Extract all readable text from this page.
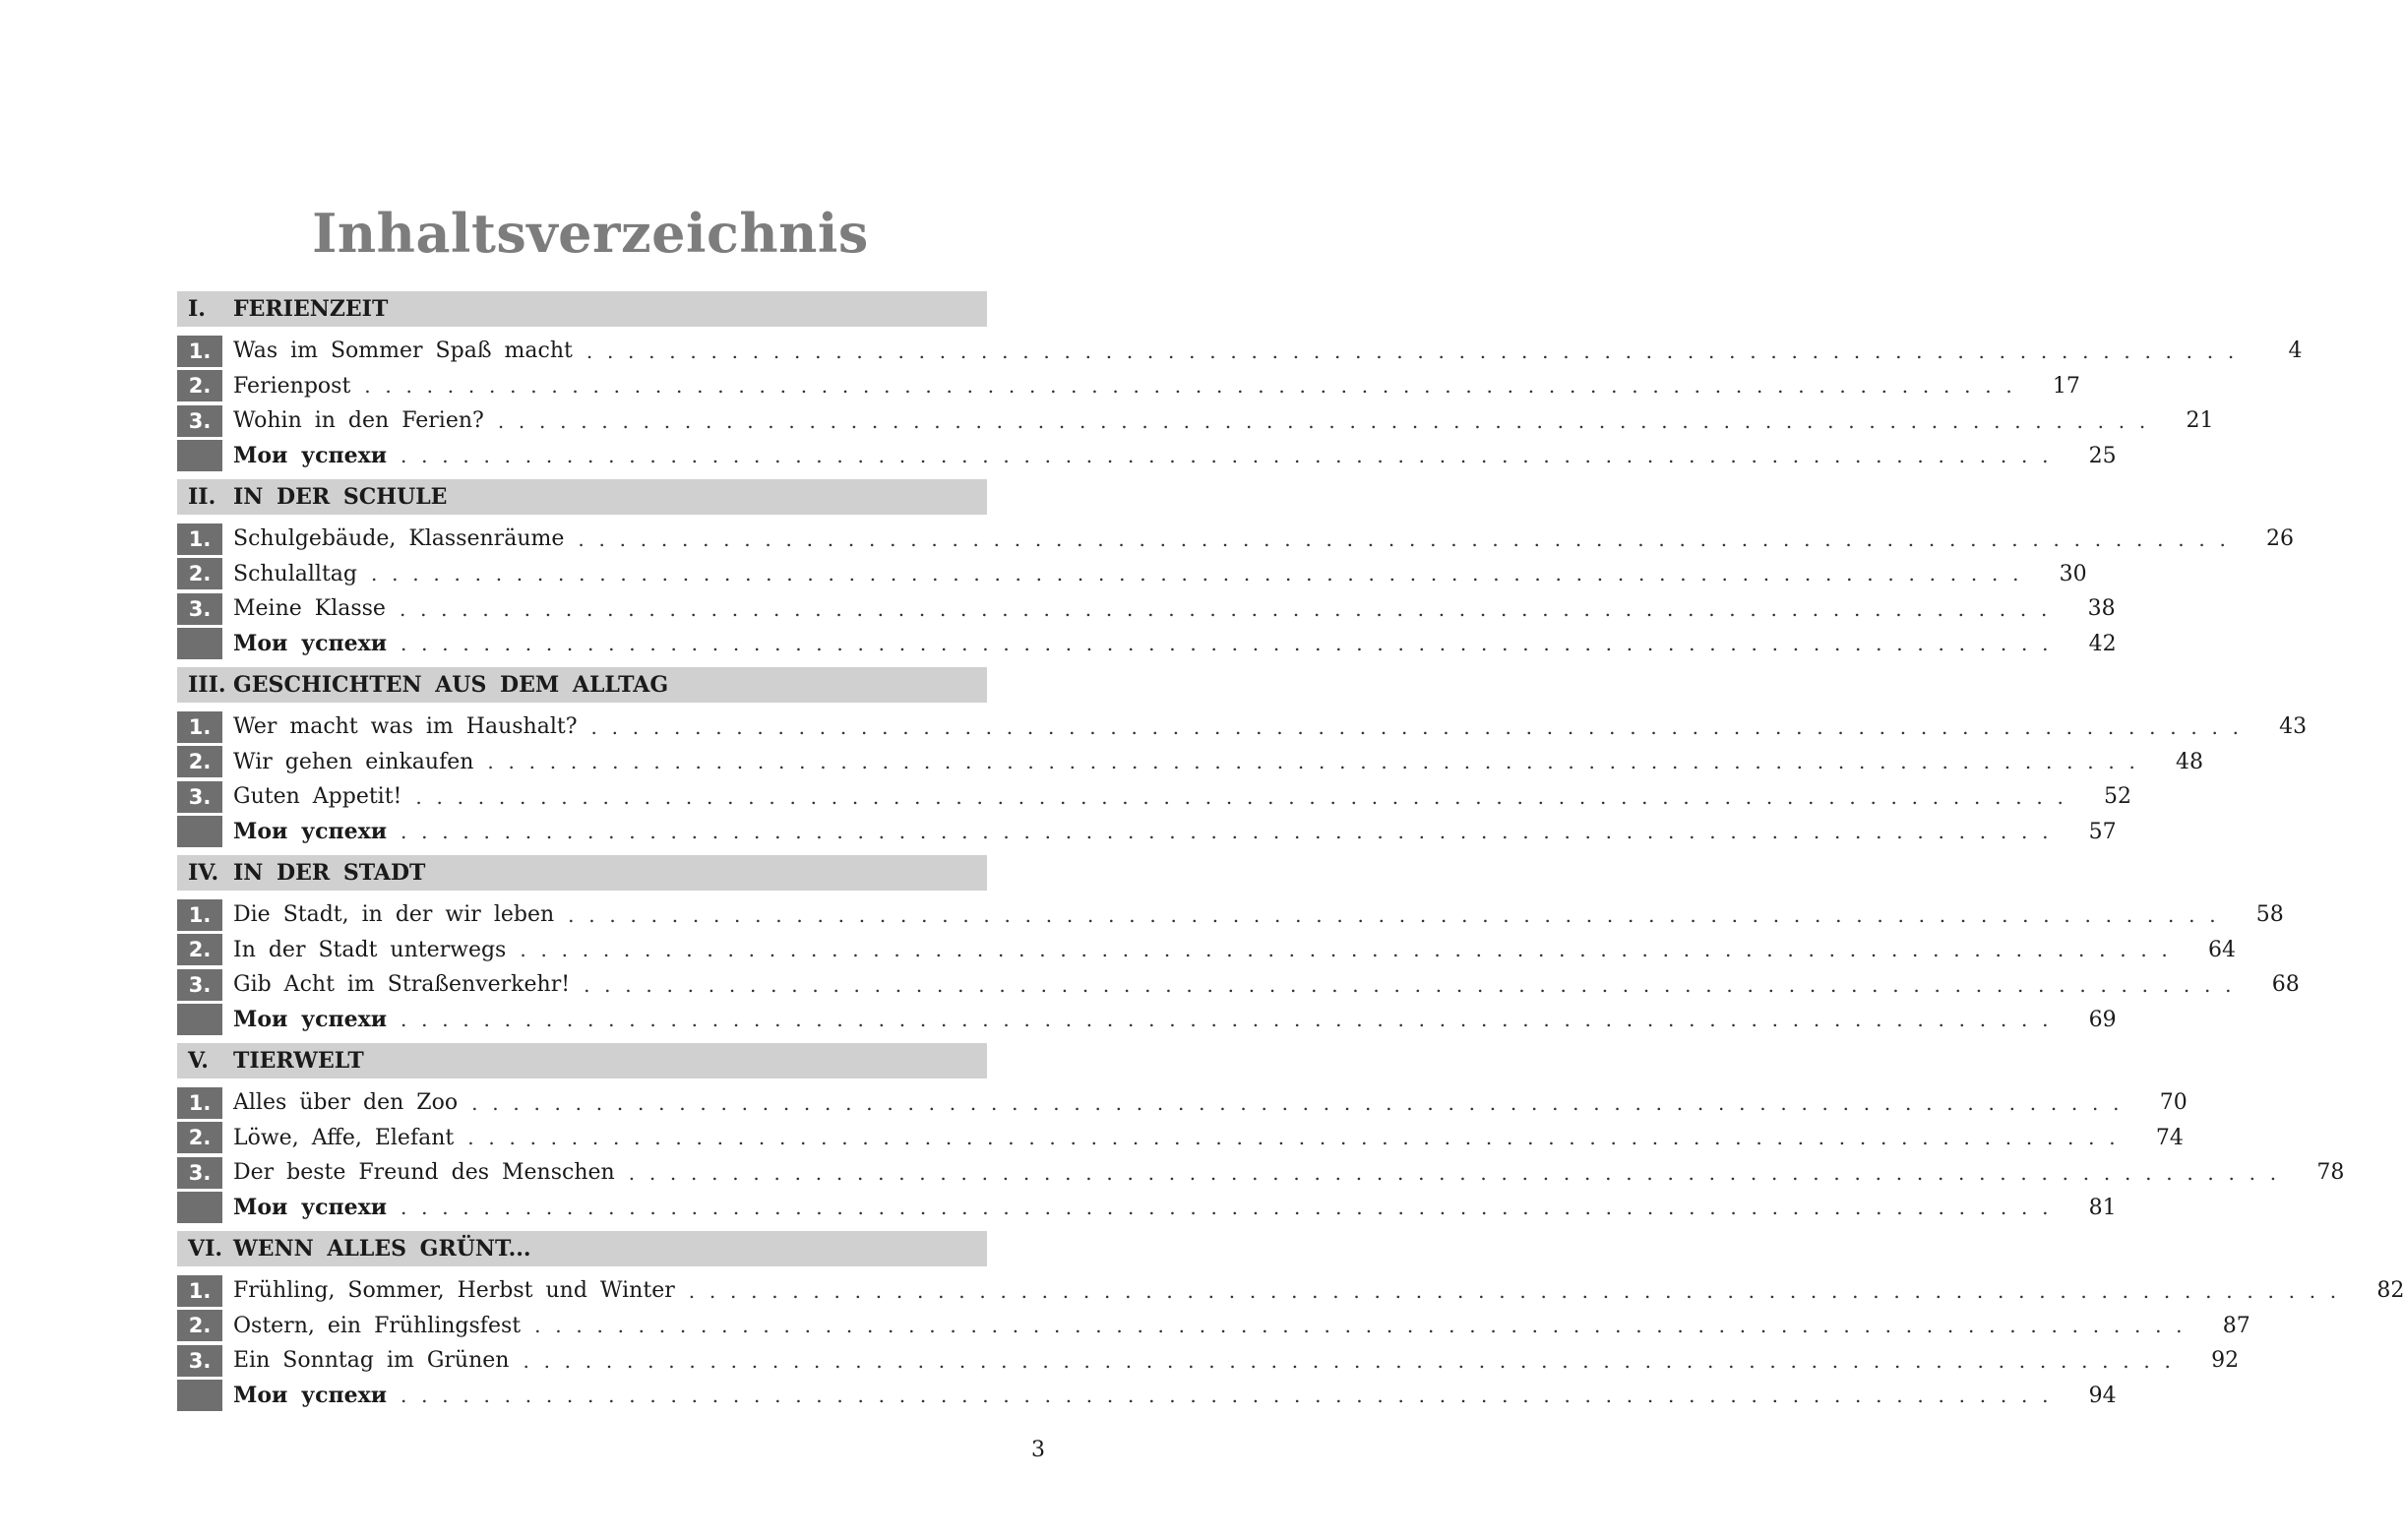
Inhaltsverzeichnis
I.	FERIENZEIT
1.	Was im Sommer Spaß macht . . . . . . . . . . . . . . . . . . . . . . . . . . . . . . . . . . . . . . . . . . . . . . . . . . . . . . . . . . . . . . . . . . . . . . . . . . . . . . . .	4
2.	Ferienpost . . . . . . . . . . . . . . . . . . . . . . . . . . . . . . . . . . . . . . . . . . . . . . . . . . . . . . . . . . . . . . . . . . . . . . . . . . . . . . . .	17
3.	Wohin in den Ferien? . . . . . . . . . . . . . . . . . . . . . . . . . . . . . . . . . . . . . . . . . . . . . . . . . . . . . . . . . . . . . . . . . . . . . . . . . . . . . . . .	21
Мои успехи . . . . . . . . . . . . . . . . . . . . . . . . . . . . . . . . . . . . . . . . . . . . . . . . . . . . . . . . . . . . . . . . . . . . . . . . . . . . . . . .	25
II. IN DER SCHULE
1.	Schulgebäude, Klassenräume . . . . . . . . . . . . . . . . . . . . . . . . . . . . . . . . . . . . . . . . . . . . . . . . . . . . . . . . . . . . . . . . . . . . . . . . . . . . . . . .	26
2.	Schulalltag . . . . . . . . . . . . . . . . . . . . . . . . . . . . . . . . . . . . . . . . . . . . . . . . . . . . . . . . . . . . . . . . . . . . . . . . . . . . . . . .	30
3.	Meine Klasse . . . . . . . . . . . . . . . . . . . . . . . . . . . . . . . . . . . . . . . . . . . . . . . . . . . . . . . . . . . . . . . . . . . . . . . . . . . . . . . .	38
Мои успехи . . . . . . . . . . . . . . . . . . . . . . . . . . . . . . . . . . . . . . . . . . . . . . . . . . . . . . . . . . . . . . . . . . . . . . . . . . . . . . . .	42
III. GESCHICHTEN AUS DEM ALLTAG
1.	Wer macht was im Haushalt? . . . . . . . . . . . . . . . . . . . . . . . . . . . . . . . . . . . . . . . . . . . . . . . . . . . . . . . . . . . . . . . . . . . . . . . . . . . . . . . .	43
2.	Wir gehen einkaufen . . . . . . . . . . . . . . . . . . . . . . . . . . . . . . . . . . . . . . . . . . . . . . . . . . . . . . . . . . . . . . . . . . . . . . . . . . . . . . . .	48
3.	Guten Appetit! . . . . . . . . . . . . . . . . . . . . . . . . . . . . . . . . . . . . . . . . . . . . . . . . . . . . . . . . . . . . . . . . . . . . . . . . . . . . . . . .	52
Мои успехи . . . . . . . . . . . . . . . . . . . . . . . . . . . . . . . . . . . . . . . . . . . . . . . . . . . . . . . . . . . . . . . . . . . . . . . . . . . . . . . .	57
IV. IN DER STADT
1.	Die Stadt, in der wir leben . . . . . . . . . . . . . . . . . . . . . . . . . . . . . . . . . . . . . . . . . . . . . . . . . . . . . . . . . . . . . . . . . . . . . . . . . . . . . . . .	58
2.	In der Stadt unterwegs . . . . . . . . . . . . . . . . . . . . . . . . . . . . . . . . . . . . . . . . . . . . . . . . . . . . . . . . . . . . . . . . . . . . . . . . . . . . . . . .	64
3.	Gib Acht im Straßenverkehr! . . . . . . . . . . . . . . . . . . . . . . . . . . . . . . . . . . . . . . . . . . . . . . . . . . . . . . . . . . . . . . . . . . . . . . . . . . . . . . . .	68
Мои успехи . . . . . . . . . . . . . . . . . . . . . . . . . . . . . . . . . . . . . . . . . . . . . . . . . . . . . . . . . . . . . . . . . . . . . . . . . . . . . . . .	69
V.	TIERWELT
1.	Alles über den Zoo . . . . . . . . . . . . . . . . . . . . . . . . . . . . . . . . . . . . . . . . . . . . . . . . . . . . . . . . . . . . . . . . . . . . . . . . . . . . . . . .	70
2.	Löwe, Affe, Elefant . . . . . . . . . . . . . . . . . . . . . . . . . . . . . . . . . . . . . . . . . . . . . . . . . . . . . . . . . . . . . . . . . . . . . . . . . . . . . . . .	74
3.	Der beste Freund des Menschen . . . . . . . . . . . . . . . . . . . . . . . . . . . . . . . . . . . . . . . . . . . . . . . . . . . . . . . . . . . . . . . . . . . . . . . . . . . . . . . .	78
Мои успехи . . . . . . . . . . . . . . . . . . . . . . . . . . . . . . . . . . . . . . . . . . . . . . . . . . . . . . . . . . . . . . . . . . . . . . . . . . . . . . . .	81
VI. WENN ALLES GRÜNT...
1.	Frühling, Sommer, Herbst und Winter . . . . . . . . . . . . . . . . . . . . . . . . . . . . . . . . . . . . . . . . . . . . . . . . . . . . . . . . . . . . . . . . . . . . . . . . . . . . . . . .	82
2.	Ostern, ein Frühlingsfest . . . . . . . . . . . . . . . . . . . . . . . . . . . . . . . . . . . . . . . . . . . . . . . . . . . . . . . . . . . . . . . . . . . . . . . . . . . . . . . .	87
3.	Ein Sonntag im Grünen . . . . . . . . . . . . . . . . . . . . . . . . . . . . . . . . . . . . . . . . . . . . . . . . . . . . . . . . . . . . . . . . . . . . . . . . . . . . . . . .	92
Мои успехи . . . . . . . . . . . . . . . . . . . . . . . . . . . . . . . . . . . . . . . . . . . . . . . . . . . . . . . . . . . . . . . . . . . . . . . . . . . . . . . .	94
3
